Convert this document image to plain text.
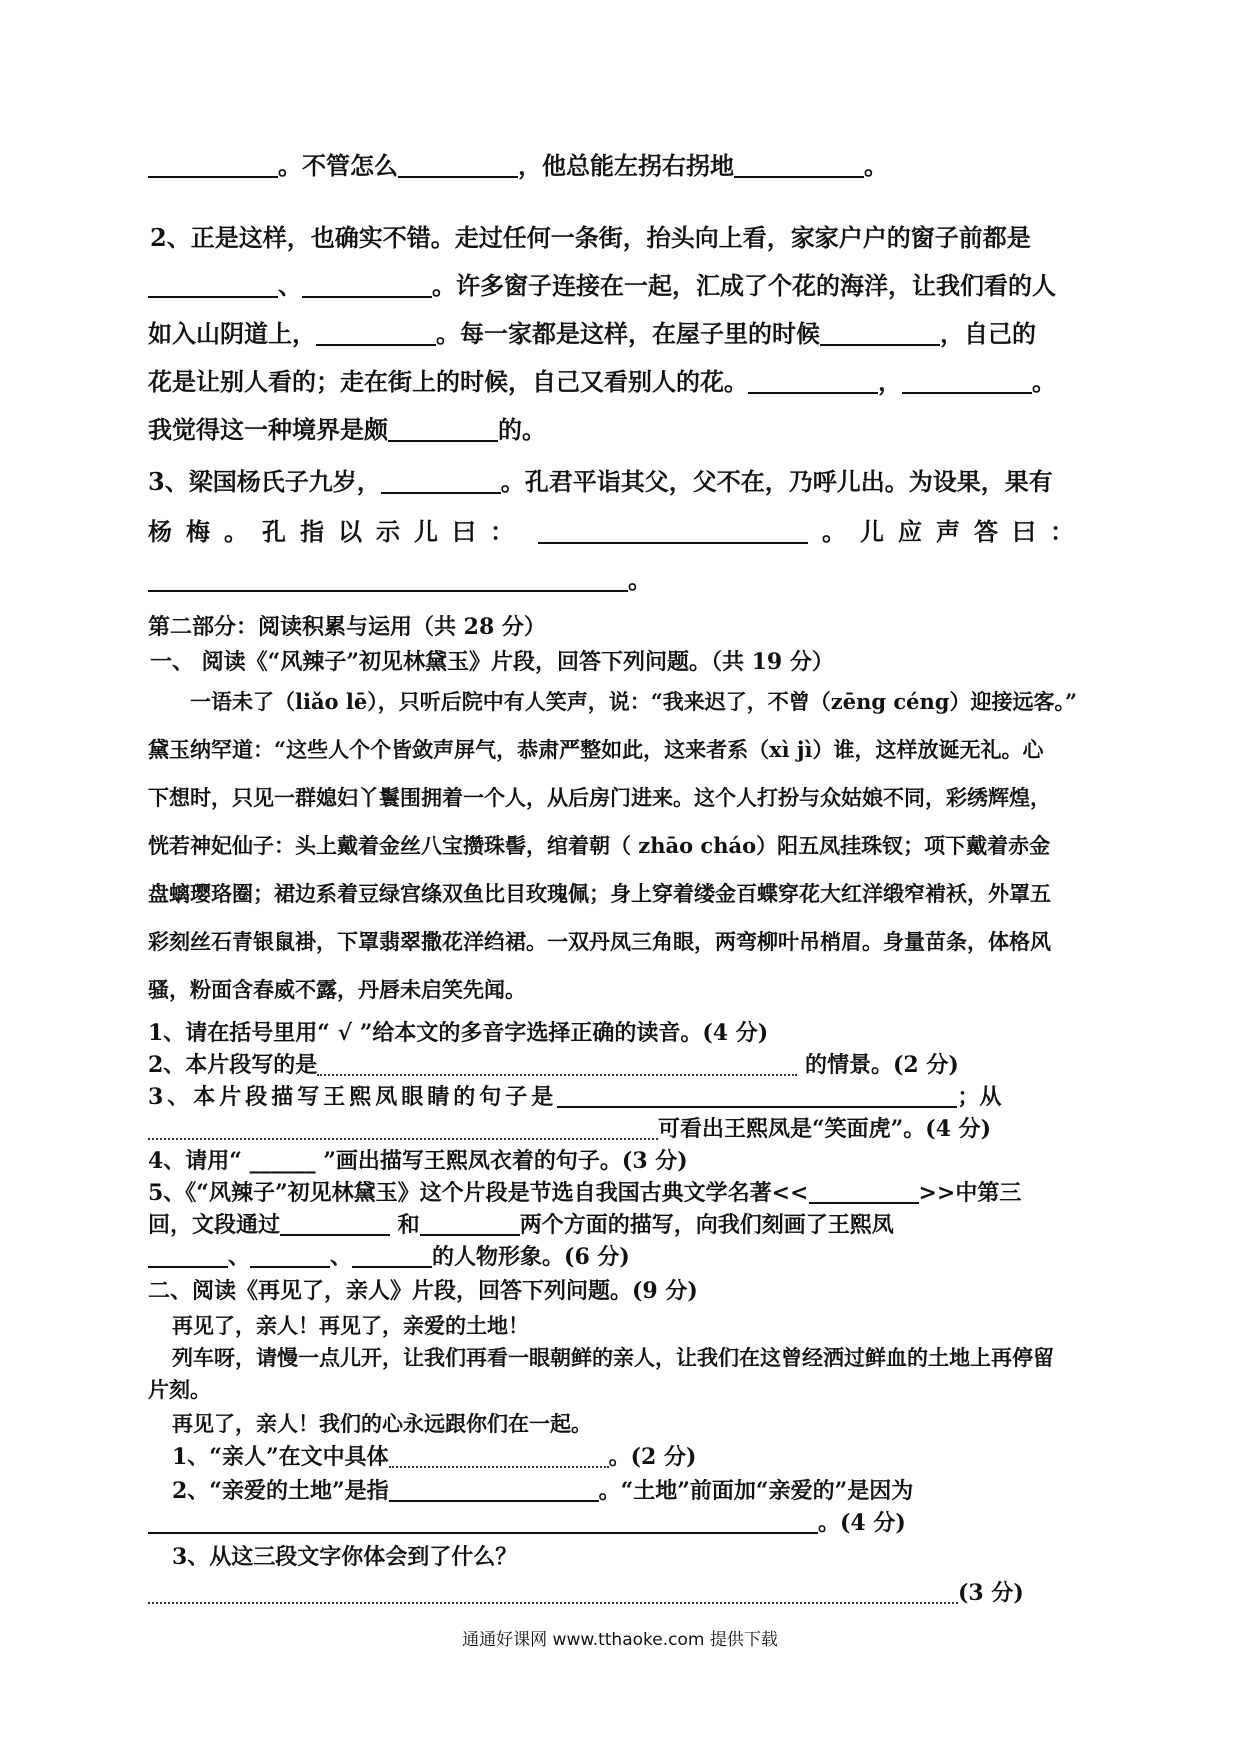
。不管怎么	，他总能左拐右拐地	。
2、正是这样，也确实不错。走过任何一条街，抬头向上看，家家户户的窗子前都是
、	。许多窗子连接在一起，汇成了个花的海洋，让我们看的人
如入山阴道上，	。每一家都是这样，在屋子里的时候	，自己的
花是让别人看的；走在街上的时候，自己又看别人的花。	，	。
我觉得这一种境界是颇	的。
3、梁国杨氏子九岁，	。孔君平诣其父，父不在，乃呼儿出。为设果，果有
杨梅。孔指以示儿曰：	。儿应声答曰：
。
第二部分：阅读积累与运用（共 28 分）
一、 阅读《“风辣子”初见林黛玉》片段，回答下列问题。（共 19 分）
一语未了（liǎo lē），只听后院中有人笑声，说：“我来迟了，不曾（zēng céng）迎接远客。”
黛玉纳罕道：“这些人个个皆敛声屏气，恭肃严整如此，这来者系（xì jì）谁，这样放诞无礼。心
下想时，只见一群媳妇丫鬟围拥着一个人，从后房门进来。这个人打扮与众姑娘不同，彩绣辉煌，
恍若神妃仙子：头上戴着金丝八宝攒珠髻，绾着朝（ zhāo cháo）阳五凤挂珠钗；项下戴着赤金
盘螭璎珞圈；裙边系着豆绿宫绦双鱼比目玫瑰佩；身上穿着缕金百蝶穿花大红洋缎窄褃袄，外罩五
彩刻丝石青银鼠褂，下罩翡翠撒花洋绉裙。一双丹凤三角眼，两弯柳叶吊梢眉。身量苗条，体格风
骚，粉面含春威不露，丹唇未启笑先闻。
1、请在括号里用“ √ ”给本文的多音字选择正确的读音。(4 分)
2、本片段写的是	的情景。(2 分)
3、本片段描写王熙凤眼睛的句子是	；从
可看出王熙凤是“笑面虎”。(4 分)
4、请用“ ______ ”画出描写王熙凤衣着的句子。(3 分)
5、《“风辣子”初见林黛玉》这个片段是节选自我国古典文学名著<<	>>中第三
回，文段通过	和	两个方面的描写，向我们刻画了王熙凤
、	、	的人物形象。(6 分)
二、阅读《再见了，亲人》片段，回答下列问题。(9 分)
再见了，亲人！再见了，亲爱的土地！
列车呀，请慢一点儿开，让我们再看一眼朝鲜的亲人，让我们在这曾经洒过鲜血的土地上再停留
片刻。
再见了，亲人！我们的心永远跟你们在一起。
1、“亲人”在文中具体	。(2 分)
2、“亲爱的土地”是指	。“土地”前面加“亲爱的”是因为
。(4 分)
3、从这三段文字你体会到了什么？
(3 分)
通通好课网 www.tthaoke.com 提供下载
